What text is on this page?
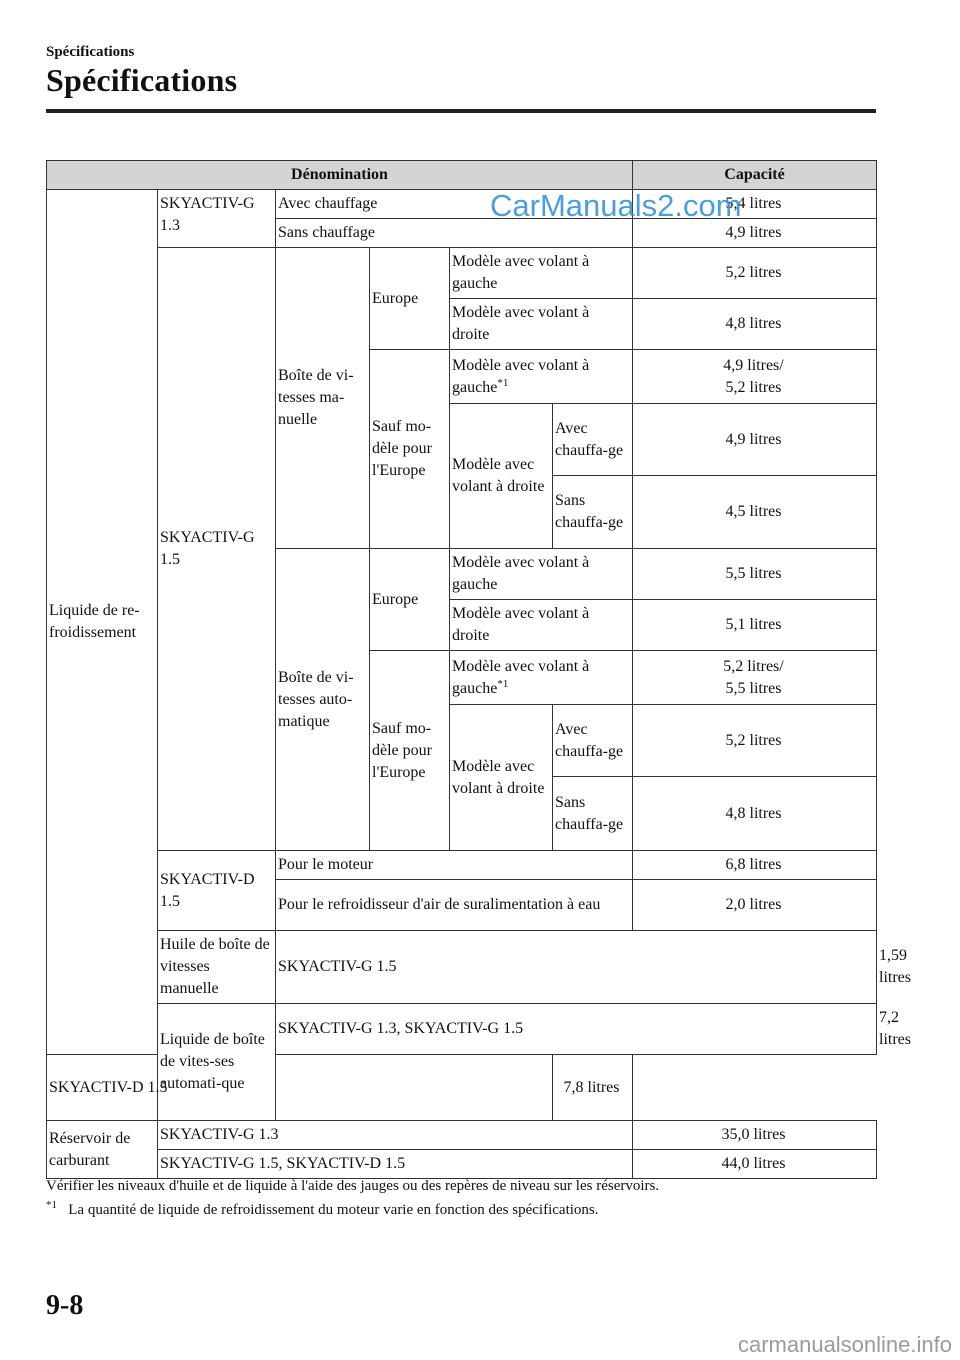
Spécifications
Spécifications
Dénomination						Capacité	
Liquide de re-froidissement	SKYACTIV-G 1.3	Avec chauffage				5,4 litres	
		Sans chauffage				4,9 litres	
	SKYACTIV-G 1.5	Boîte de vi-tesses ma-nuelle	Europe	Modèle avec volant à gauche		5,2 litres	
				Modèle avec volant à droite		4,8 litres	
			Sauf mo-dèle pour l'Europe	Modèle avec volant à gauche$^{*1}$		4,9 litres/
5,2 litres	
				Modèle avec volant à droite	Avec chauffa-ge	4,9 litres	

					Sans chauffa-ge	4,5 litres	
		Boîte de vi-tesses auto-matique	Europe	Modèle avec volant à gauche		5,5 litres	
				Modèle avec volant à droite		5,1 litres	
			Sauf mo-dèle pour l'Europe	Modèle avec volant à gauche$^{*1}$		5,2 litres/
5,5 litres	
				Modèle avec volant à droite	Avec chauffa-ge	5,2 litres	

					Sans chauffa-ge	4,8 litres	
	SKYACTIV-D 1.5	Pour le moteur				6,8 litres	
		Pour le refroidisseur d'air de suralimentation à eau				2,0 litres	
	Huile de boîte de vitesses manuelle	SKYACTIV-G 1.5					1,59 litres
	Liquide de boîte de vites-ses automati-que	SKYACTIV-G 1.3, SKYACTIV-G 1.5					7,2 litres
SKYACTIV-D 1.5					7,8 litres		
Réservoir de carburant	SKYACTIV-G 1.3					35,0 litres	
	SKYACTIV-G 1.5, SKYACTIV-D 1.5					44,0 litres	
CarManuals2.com
Vérifier les niveaux d'huile et de liquide à l'aide des jauges ou des repères de niveau sur les réservoirs.
$^{*1}$ La quantité de liquide de refroidissement du moteur varie en fonction des spécifications.
9-8
carmanualsonline.info
